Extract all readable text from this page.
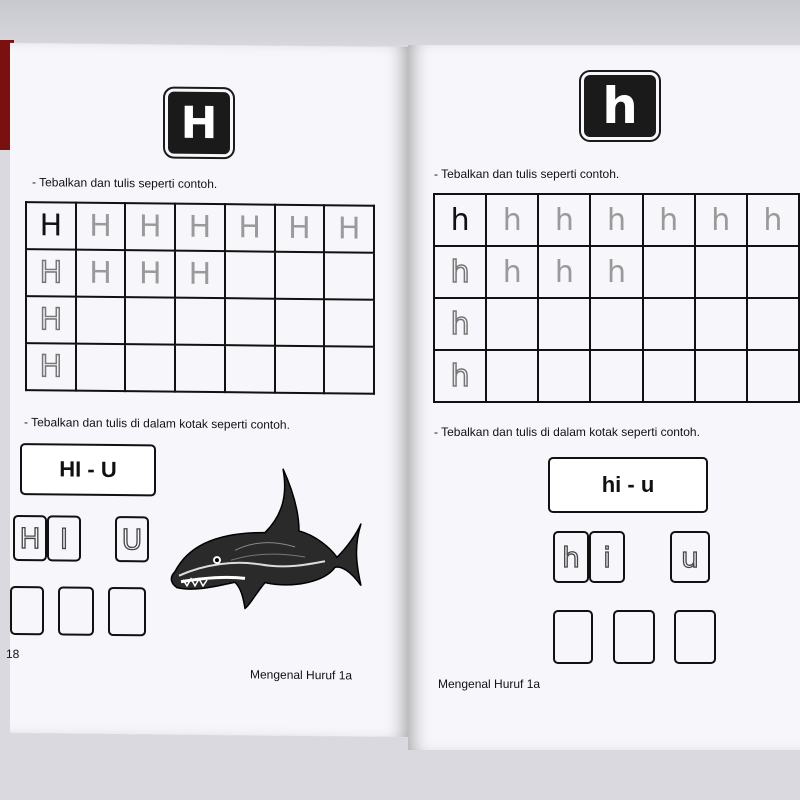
H
- Tebalkan dan tulis seperti contoh.
H	H	H	H	H	H	H
H	H	H	H			
H						
H						
- Tebalkan dan tulis di dalam kotak seperti contoh.
HI - U
H I	U
18
Mengenal Huruf 1a
h
- Tebalkan dan tulis seperti contoh.
h	h	h	h	h	h	h
h	h	h	h			
h						
h						
- Tebalkan dan tulis di dalam kotak seperti contoh.
hi - u
h i	u
Mengenal Huruf 1a
